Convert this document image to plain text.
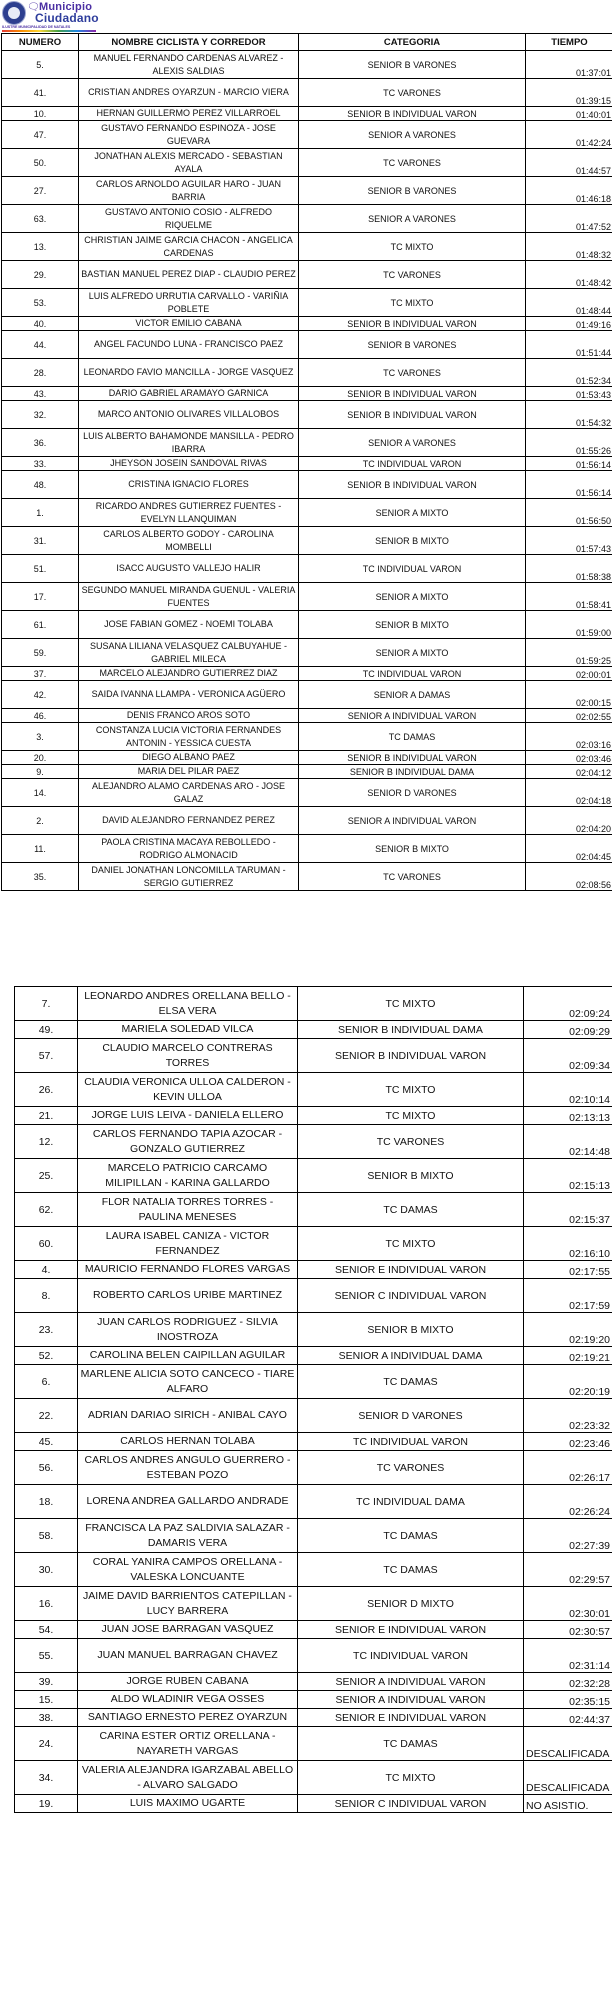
🗨 Municipio
Ciudadano
ILUSTRE MUNICIPALIDAD DE NATALES
NUMERO	NOMBRE CICLISTA Y CORREDOR	CATEGORIA	TIEMPO
5.	MANUEL FERNANDO CARDENAS ALVAREZ - ALEXIS SALDIAS	SENIOR B VARONES	01:37:01
41.	CRISTIAN ANDRES OYARZUN - MARCIO VIERA	TC VARONES	01:39:15
10.	HERNAN GUILLERMO PEREZ VILLARROEL	SENIOR B INDIVIDUAL VARON	01:40:01
47.	GUSTAVO FERNANDO ESPINOZA - JOSE GUEVARA	SENIOR A VARONES	01:42:24
50.	JONATHAN ALEXIS MERCADO - SEBASTIAN AYALA	TC VARONES	01:44:57
27.	CARLOS ARNOLDO AGUILAR HARO - JUAN BARRIA	SENIOR B VARONES	01:46:18
63.	GUSTAVO ANTONIO COSIO - ALFREDO RIQUELME	SENIOR A VARONES	01:47:52
13.	CHRISTIAN JAIME GARCIA CHACON - ANGELICA CARDENAS	TC MIXTO	01:48:32
29.	BASTIAN MANUEL PEREZ DIAP - CLAUDIO PEREZ	TC VARONES	01:48:42
53.	LUIS ALFREDO URRUTIA CARVALLO - VARIÑIA POBLETE	TC MIXTO	01:48:44
40.	VICTOR EMILIO CABANA	SENIOR B INDIVIDUAL VARON	01:49:16
44.	ANGEL FACUNDO LUNA - FRANCISCO PAEZ	SENIOR B VARONES	01:51:44
28.	LEONARDO FAVIO MANCILLA - JORGE VASQUEZ	TC VARONES	01:52:34
43.	DARIO GABRIEL ARAMAYO GARNICA	SENIOR B INDIVIDUAL VARON	01:53:43
32.	MARCO ANTONIO OLIVARES VILLALOBOS	SENIOR B INDIVIDUAL VARON	01:54:32
36.	LUIS ALBERTO BAHAMONDE MANSILLA - PEDRO IBARRA	SENIOR A VARONES	01:55:26
33.	JHEYSON JOSEIN SANDOVAL RIVAS	TC INDIVIDUAL VARON	01:56:14
48.	CRISTINA IGNACIO FLORES	SENIOR B INDIVIDUAL VARON	01:56:14
1.	RICARDO ANDRES GUTIERREZ FUENTES - EVELYN LLANQUIMAN	SENIOR A MIXTO	01:56:50
31.	CARLOS ALBERTO GODOY - CAROLINA MOMBELLI	SENIOR B MIXTO	01:57:43
51.	ISACC AUGUSTO VALLEJO HALIR	TC INDIVIDUAL VARON	01:58:38
17.	SEGUNDO MANUEL MIRANDA GUENUL - VALERIA FUENTES	SENIOR A MIXTO	01:58:41
61.	JOSE FABIAN GOMEZ - NOEMI TOLABA	SENIOR B MIXTO	01:59:00
59.	SUSANA LILIANA VELASQUEZ CALBUYAHUE - GABRIEL MILECA	SENIOR A MIXTO	01:59:25
37.	MARCELO ALEJANDRO GUTIERREZ DIAZ	TC INDIVIDUAL VARON	02:00:01
42.	SAIDA IVANNA LLAMPA - VERONICA AGÜERO	SENIOR A DAMAS	02:00:15
46.	DENIS FRANCO AROS SOTO	SENIOR A INDIVIDUAL VARON	02:02:55
3.	CONSTANZA LUCIA VICTORIA FERNANDES ANTONIN - YESSICA CUESTA	TC DAMAS	02:03:16
20.	DIEGO ALBANO PAEZ	SENIOR B INDIVIDUAL VARON	02:03:46
9.	MARIA DEL PILAR PAEZ	SENIOR B INDIVIDUAL DAMA	02:04:12
14.	ALEJANDRO ALAMO CARDENAS ARO - JOSE GALAZ	SENIOR D VARONES	02:04:18
2.	DAVID ALEJANDRO FERNANDEZ PEREZ	SENIOR A INDIVIDUAL VARON	02:04:20
11.	PAOLA CRISTINA MACAYA REBOLLEDO - RODRIGO ALMONACID	SENIOR B MIXTO	02:04:45
35.	DANIEL JONATHAN LONCOMILLA TARUMAN - SERGIO GUTIERREZ	TC VARONES	02:08:56
7.	LEONARDO ANDRES ORELLANA BELLO - ELSA VERA	TC MIXTO	02:09:24
49.	MARIELA SOLEDAD VILCA	SENIOR B INDIVIDUAL DAMA	02:09:29
57.	CLAUDIO MARCELO CONTRERAS TORRES	SENIOR B INDIVIDUAL VARON	02:09:34
26.	CLAUDIA VERONICA ULLOA CALDERON - KEVIN ULLOA	TC MIXTO	02:10:14
21.	JORGE LUIS LEIVA - DANIELA ELLERO	TC MIXTO	02:13:13
12.	CARLOS FERNANDO TAPIA AZOCAR - GONZALO GUTIERREZ	TC VARONES	02:14:48
25.	MARCELO PATRICIO CARCAMO MILIPILLAN - KARINA GALLARDO	SENIOR B MIXTO	02:15:13
62.	FLOR NATALIA TORRES TORRES - PAULINA MENESES	TC DAMAS	02:15:37
60.	LAURA ISABEL CANIZA - VICTOR FERNANDEZ	TC MIXTO	02:16:10
4.	MAURICIO FERNANDO FLORES VARGAS	SENIOR E INDIVIDUAL VARON	02:17:55
8.	ROBERTO CARLOS URIBE MARTINEZ	SENIOR C INDIVIDUAL VARON	02:17:59
23.	JUAN CARLOS RODRIGUEZ - SILVIA INOSTROZA	SENIOR B MIXTO	02:19:20
52.	CAROLINA BELEN CAIPILLAN AGUILAR	SENIOR A INDIVIDUAL DAMA	02:19:21
6.	MARLENE ALICIA SOTO CANCECO - TIARE ALFARO	TC DAMAS	02:20:19
22.	ADRIAN DARIAO SIRICH - ANIBAL CAYO	SENIOR D VARONES	02:23:32
45.	CARLOS HERNAN TOLABA	TC INDIVIDUAL VARON	02:23:46
56.	CARLOS ANDRES ANGULO GUERRERO - ESTEBAN POZO	TC VARONES	02:26:17
18.	LORENA ANDREA GALLARDO ANDRADE	TC INDIVIDUAL DAMA	02:26:24
58.	FRANCISCA LA PAZ SALDIVIA SALAZAR - DAMARIS VERA	TC DAMAS	02:27:39
30.	CORAL YANIRA CAMPOS ORELLANA - VALESKA LONCUANTE	TC DAMAS	02:29:57
16.	JAIME DAVID BARRIENTOS CATEPILLAN - LUCY BARRERA	SENIOR D MIXTO	02:30:01
54.	JUAN JOSE BARRAGAN VASQUEZ	SENIOR E INDIVIDUAL VARON	02:30:57
55.	JUAN MANUEL BARRAGAN CHAVEZ	TC INDIVIDUAL VARON	02:31:14
39.	JORGE RUBEN CABANA	SENIOR A INDIVIDUAL VARON	02:32:28
15.	ALDO WLADINIR VEGA OSSES	SENIOR A INDIVIDUAL VARON	02:35:15
38.	SANTIAGO ERNESTO PEREZ OYARZUN	SENIOR E INDIVIDUAL VARON	02:44:37
24.	CARINA ESTER ORTIZ ORELLANA - NAYARETH VARGAS	TC DAMAS	DESCALIFICADA
34.	VALERIA ALEJANDRA IGARZABAL ABELLO - ALVARO SALGADO	TC MIXTO	DESCALIFICADA
19.	LUIS MAXIMO UGARTE	SENIOR C INDIVIDUAL VARON	NO ASISTIO.
